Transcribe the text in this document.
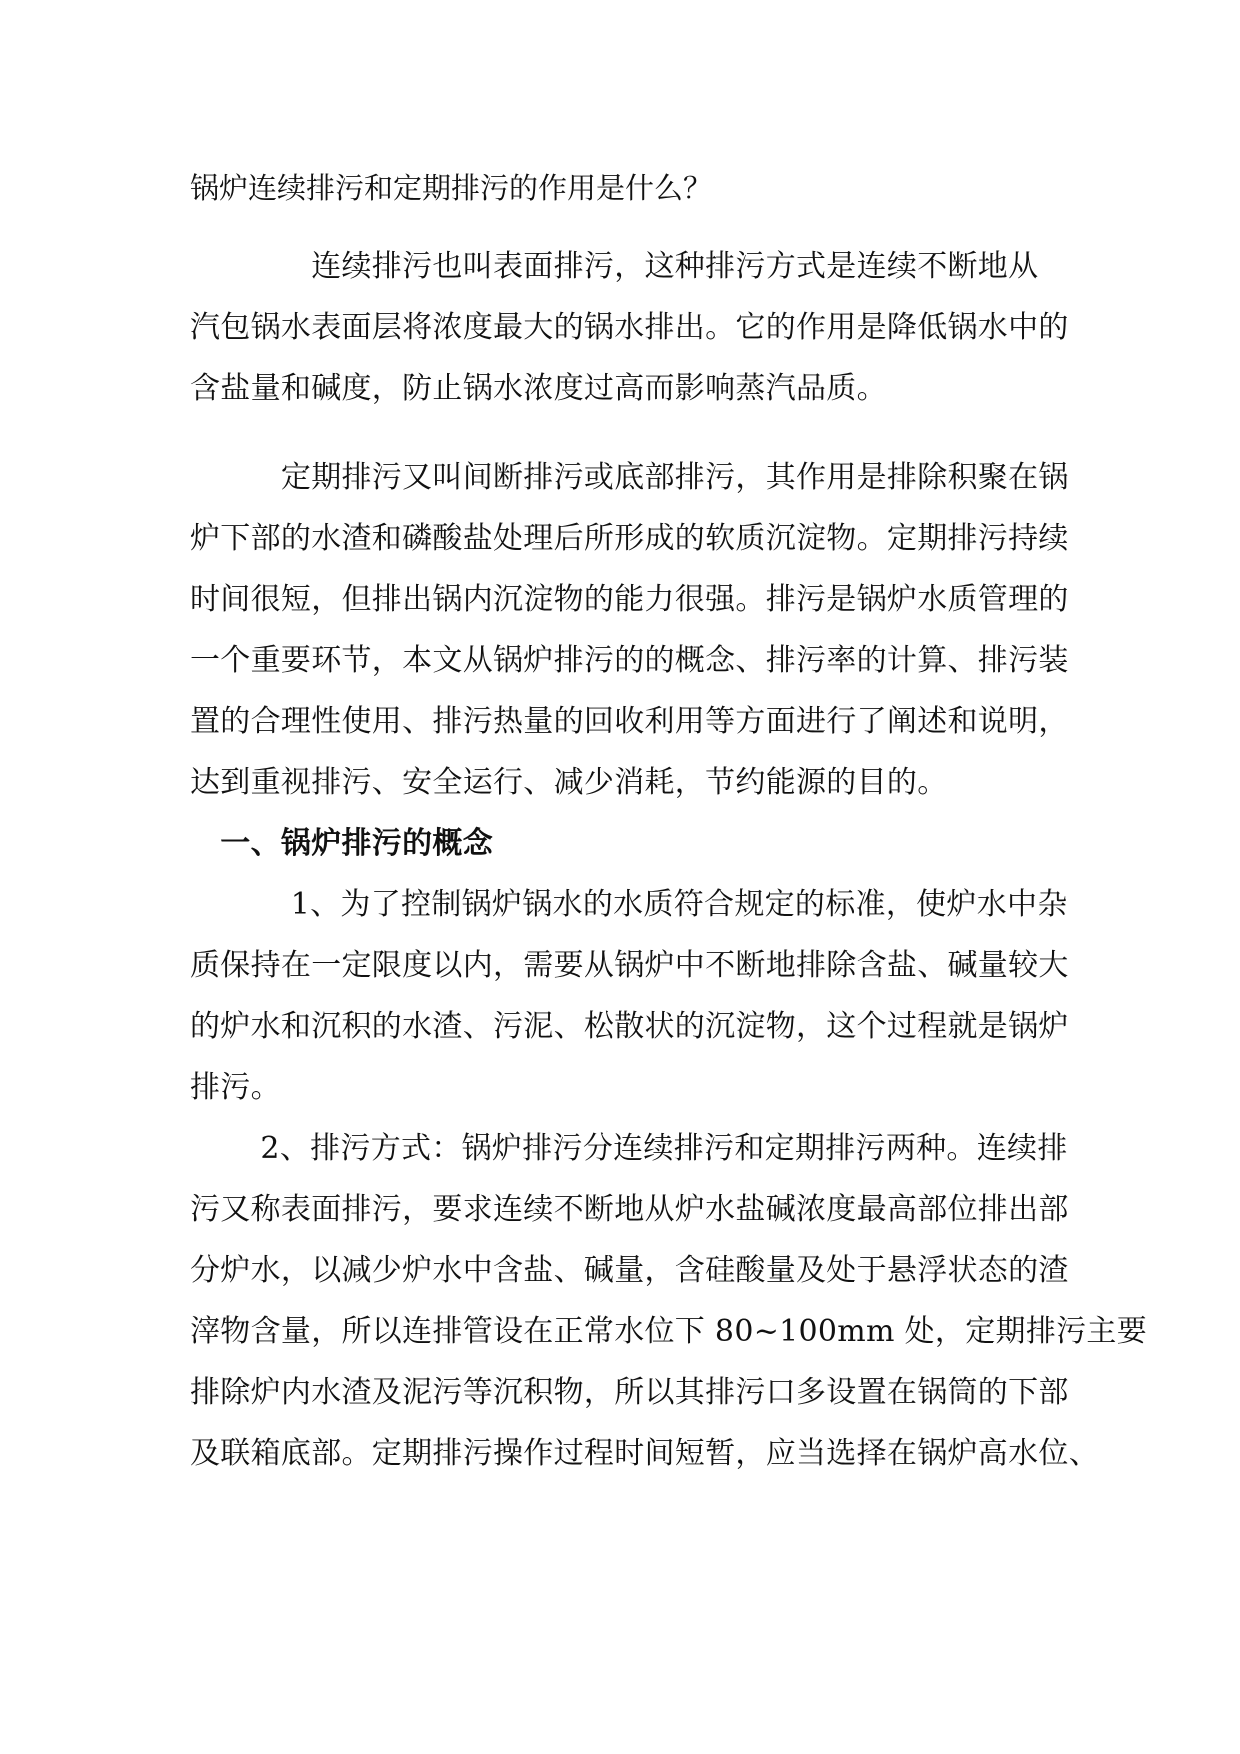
锅炉连续排污和定期排污的作用是什么？
　　　　连续排污也叫表面排污，这种排污方式是连续不断地从
汽包锅水表面层将浓度最大的锅水排出。它的作用是降低锅水中的
含盐量和碱度，防止锅水浓度过高而影响蒸汽品质。
　　　定期排污又叫间断排污或底部排污，其作用是排除积聚在锅
炉下部的水渣和磷酸盐处理后所形成的软质沉淀物。定期排污持续
时间很短，但排出锅内沉淀物的能力很强。排污是锅炉水质管理的
一个重要环节，本文从锅炉排污的的概念、排污率的计算、排污装
置的合理性使用、排污热量的回收利用等方面进行了阐述和说明，
达到重视排污、安全运行、减少消耗，节约能源的目的。
　一、锅炉排污的概念
　　　 1、为了控制锅炉锅水的水质符合规定的标准，使炉水中杂
质保持在一定限度以内，需要从锅炉中不断地排除含盐、碱量较大
的炉水和沉积的水渣、污泥、松散状的沉淀物，这个过程就是锅炉
排污。
　　 2、排污方式：锅炉排污分连续排污和定期排污两种。连续排
污又称表面排污，要求连续不断地从炉水盐碱浓度最高部位排出部
分炉水，以减少炉水中含盐、碱量，含硅酸量及处于悬浮状态的渣
滓物含量，所以连排管设在正常水位下 80~100mm 处，定期排污主要
排除炉内水渣及泥污等沉积物，所以其排污口多设置在锅筒的下部
及联箱底部。定期排污操作过程时间短暂，应当选择在锅炉高水位、
